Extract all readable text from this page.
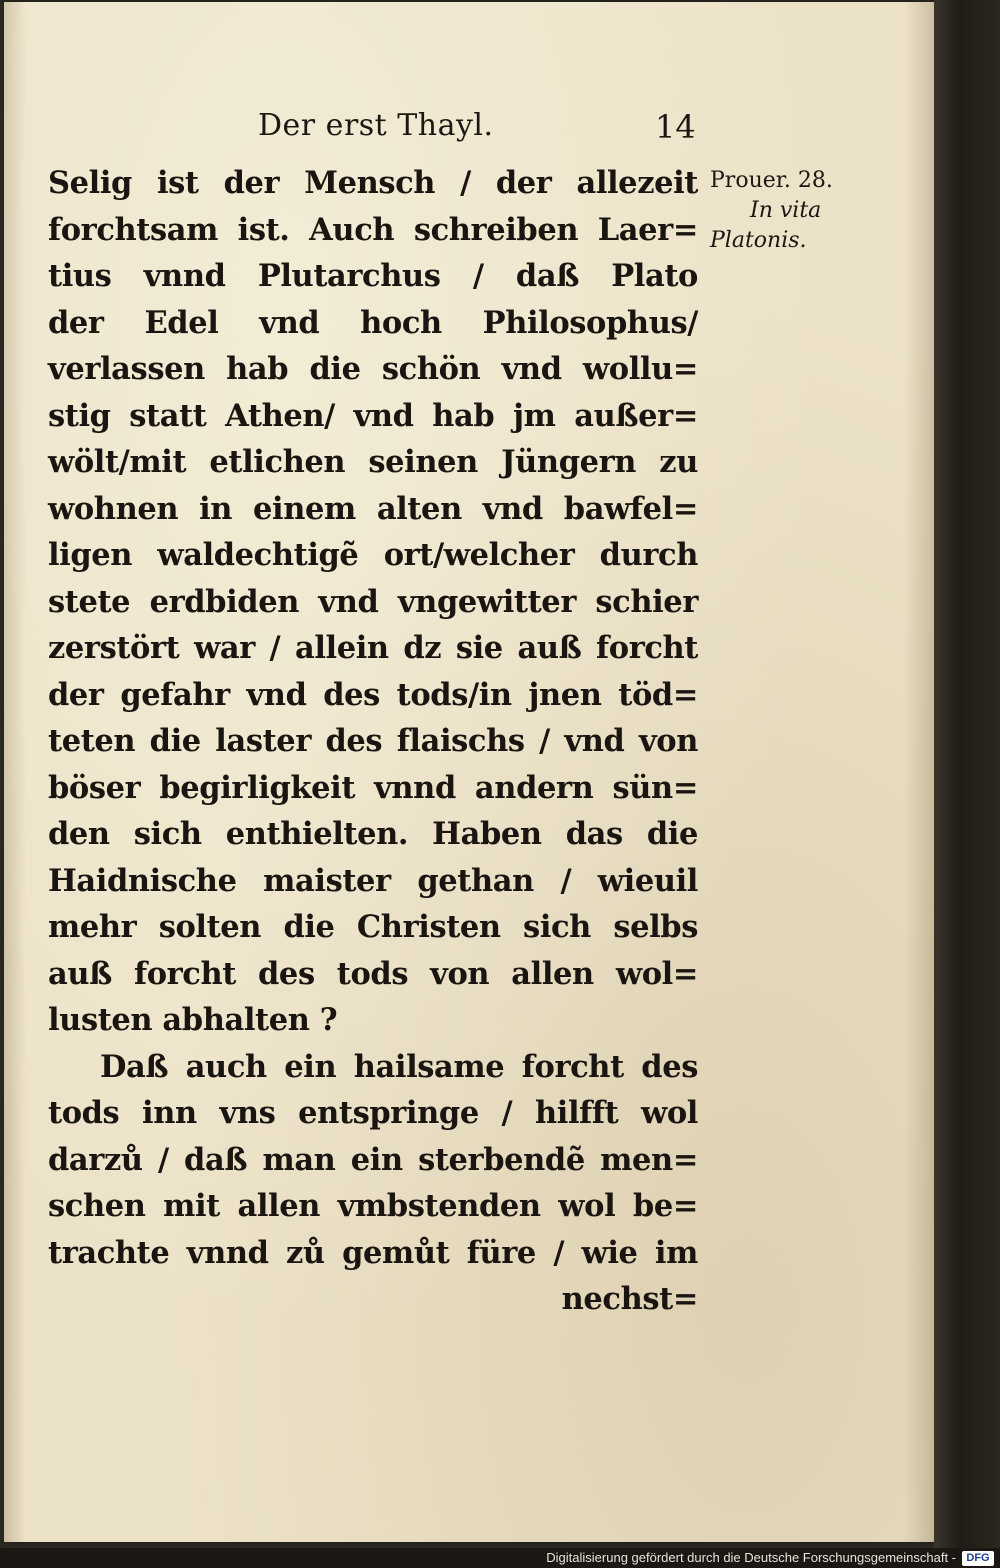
Der erst Thayl.	14
Selig ist der Mensch / der allezeit
forchtsam ist. Auch schreiben Laer=
tius vnnd Plutarchus / daß Plato
der Edel vnd hoch Philosophus/
verlassen hab die schön vnd wollu=
stig statt Athen/ vnd hab jm außer=
wölt/mit etlichen seinen Jüngern zu
wohnen in einem alten vnd bawfel=
ligen waldechtigẽ ort/welcher durch
stete erdbiden vnd vngewitter schier
zerstört war / allein dz sie auß forcht
der gefahr vnd des tods/in jnen töd=
teten die laster des flaischs / vnd von
böser begirligkeit vnnd andern sün=
den sich enthielten. Haben das die
Haidnische maister gethan / wieuil
mehr solten die Christen sich selbs
auß forcht des tods von allen wol=
lusten abhalten ?
Daß auch ein hailsame forcht des
tods inn vns entspringe / hilfft wol
darzů / daß man ein sterbendẽ men=
schen mit allen vmbstenden wol be=
trachte vnnd zů gemůt füre / wie im
nechst=
Prouer. 28.
In vita
Platonis.
Digitalisierung gefördert durch die Deutsche Forschungsgemeinschaft - DFG
